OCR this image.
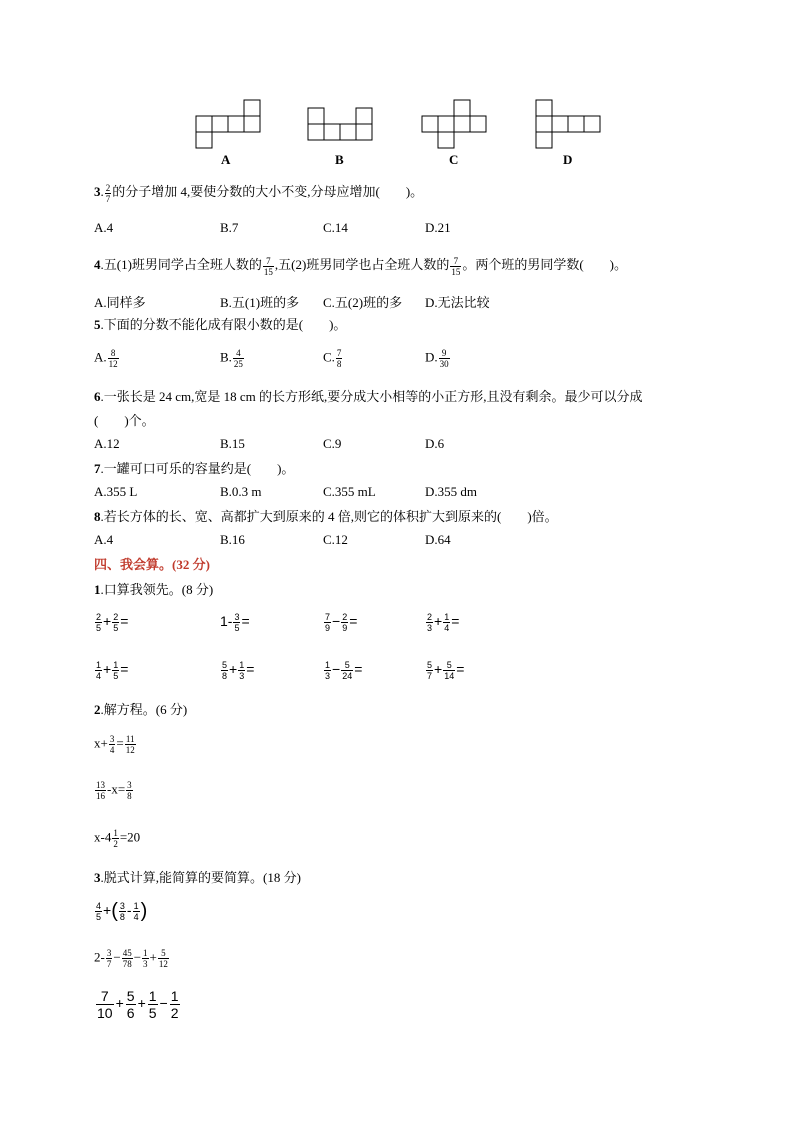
A	B	C	D
3. $\frac{2}{7}$ 的分子增加 4,要使分数的大小不变,分母应增加(　　)。
A.4	B.7	C.14	D.21
4.五(1)班男同学占全班人数的 $\frac{7}{15}$ ,五(2)班男同学也占全班人数的 $\frac{7}{15}$ 。两个班的男同学数(　　)。
A.同样多	B.五(1)班的多 C.五(2)班的多 D.无法比较
5.下面的分数不能化成有限小数的是(　　)。
A. $\frac{8}{12}$	B. $\frac{4}{25}$	C. $\frac{7}{8}$	D. $\frac{9}{30}$
6.一张长是 24 cm,宽是 18 cm 的长方形纸,要分成大小相等的小正方形,且没有剩余。最少可以分成
(　　)个。
A.12	B.15	C.9	D.6
7.一罐可口可乐的容量约是(　　)。
A.355 L	B.0.3 m	C.355 mL	D.355 dm
8.若长方体的长、宽、高都扩大到原来的 4 倍,则它的体积扩大到原来的(　　)倍。
A.4	B.16	C.12	D.64
四、我会算。(32 分)
1.口算我领先。(8 分)
$\frac{2}{5} + \frac{2}{5}$ =	$1- \frac{3}{5}$ =	$\frac{7}{9} - \frac{2}{9}$ =	$\frac{2}{3} + \frac{1}{4}$ =
$\frac{1}{4} + \frac{1}{5}$ =	$\frac{5}{8} + \frac{1}{3}$ =	$\frac{1}{3} - \frac{5}{24}$ =	$\frac{5}{7} + \frac{5}{14}$ =
2.解方程。(6 分)
$x+ \frac{3}{4} = \frac{11}{12}$
$\frac{13}{16} -x= \frac{3}{8}$
$x-4 \frac{1}{2} =20$
3.脱式计算,能简算的要简算。(18 分)
$\frac{4}{5}$ +( $\frac{3}{8} - \frac{1}{4}$ )
$2- \frac{3}{7} - \frac{45}{78} - \frac{1}{3} + \frac{5}{12}$
$\frac{7}{10} + \frac{5}{6} + \frac{1}{5} - \frac{1}{2}$
